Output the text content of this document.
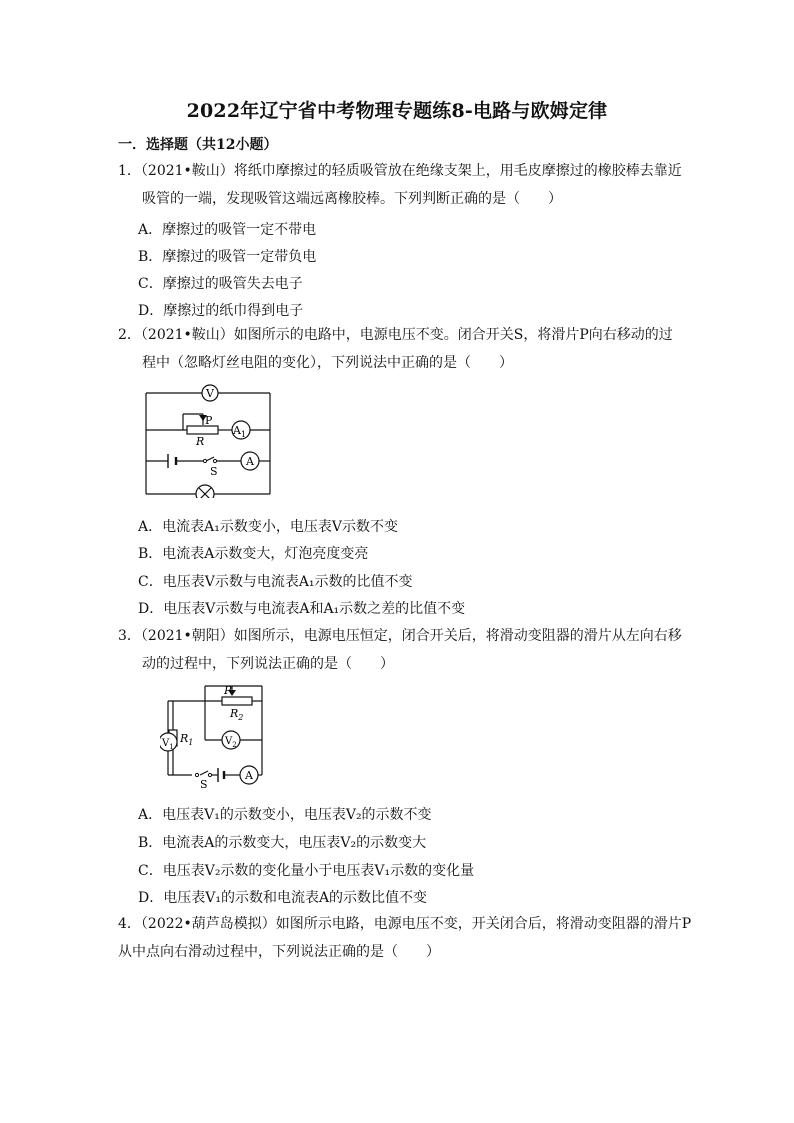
2022年辽宁省中考物理专题练8-电路与欧姆定律
一．选择题（共12小题）
1．（2021•鞍山）将纸巾摩擦过的轻质吸管放在绝缘支架上，用毛皮摩擦过的橡胶棒去靠近
吸管的一端，发现吸管这端远离橡胶棒。下列判断正确的是（　　）
A．摩擦过的吸管一定不带电
B．摩擦过的吸管一定带负电
C．摩擦过的吸管失去电子
D．摩擦过的纸巾得到电子
2．（2021•鞍山）如图所示的电路中，电源电压不变。闭合开关S，将滑片P向右移动的过
程中（忽略灯丝电阻的变化），下列说法中正确的是（　　）
V
P
R
$A_1$
A
S
A．电流表A₁示数变小，电压表V示数不变
B．电流表A示数变大，灯泡亮度变亮
C．电压表V示数与电流表A₁示数的比值不变
D．电压表V示数与电流表A和A₁示数之差的比值不变
3．（2021•朝阳）如图所示，电源电压恒定，闭合开关后，将滑动变阻器的滑片从左向右移
动的过程中，下列说法正确的是（　　）
P
$R_2$
$R_1$
$V_1$	$V_2$
S
A
A．电压表V₁的示数变小，电压表V₂的示数不变
B．电流表A的示数变大，电压表V₂的示数变大
C．电压表V₂示数的变化量小于电压表V₁示数的变化量
D．电压表V₁的示数和电流表A的示数比值不变
4．（2022•葫芦岛模拟）如图所示电路，电源电压不变，开关闭合后，将滑动变阻器的滑片P
从中点向右滑动过程中，下列说法正确的是（　　）
